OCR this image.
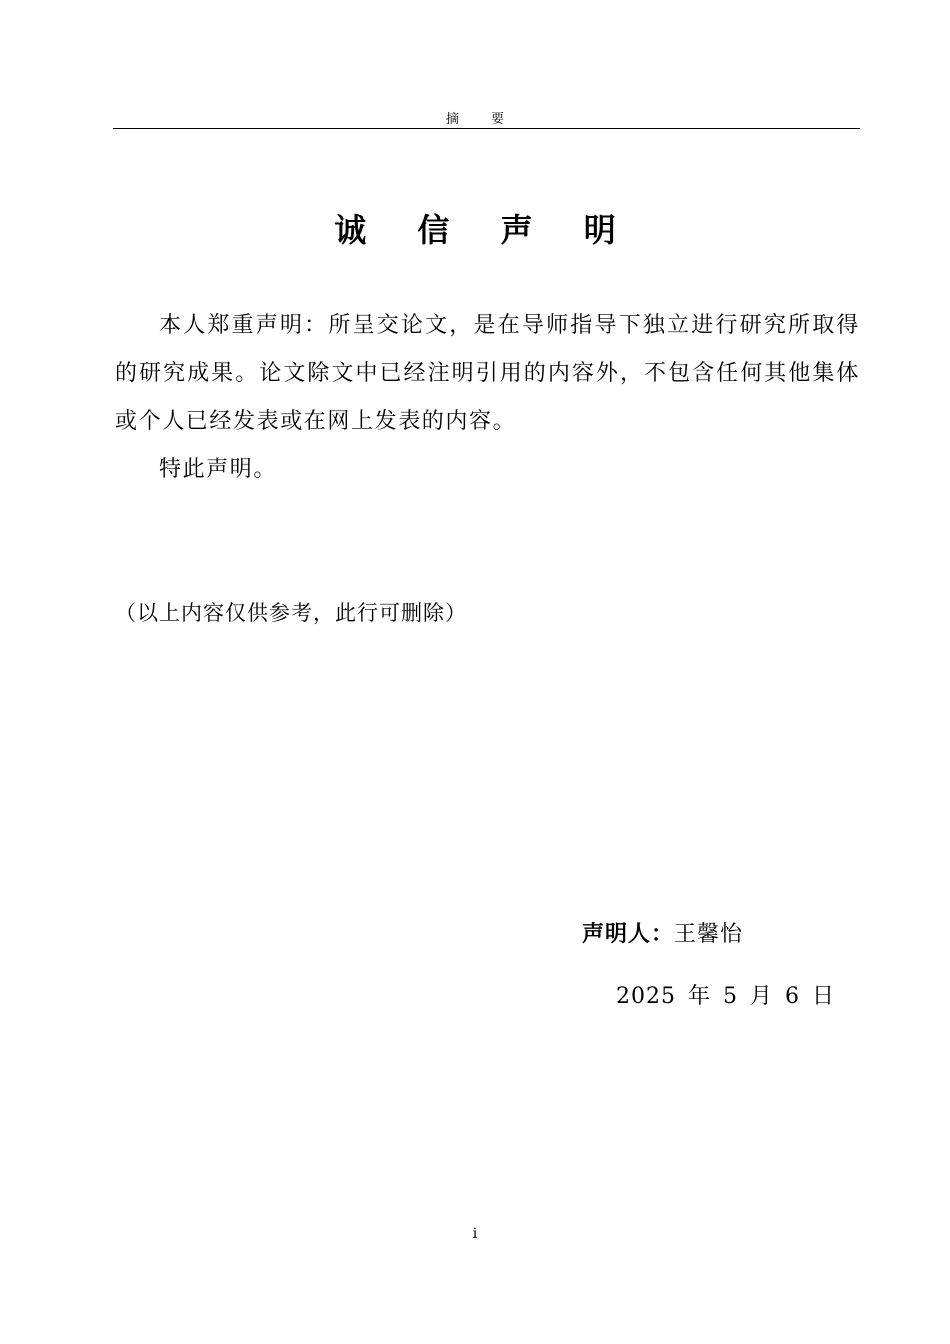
摘 要
诚 信 声 明

本人郑重声明：所呈交论文，是在导师指导下独立进行研究所取得的研究成果。论文除文中已经注明引用的内容外，不包含任何其他集体或个人已经发表或在网上发表的内容。

特此声明。

（以上内容仅供参考，此行可删除）
声明人：王馨怡
2025 年 5 月 6 日
i
